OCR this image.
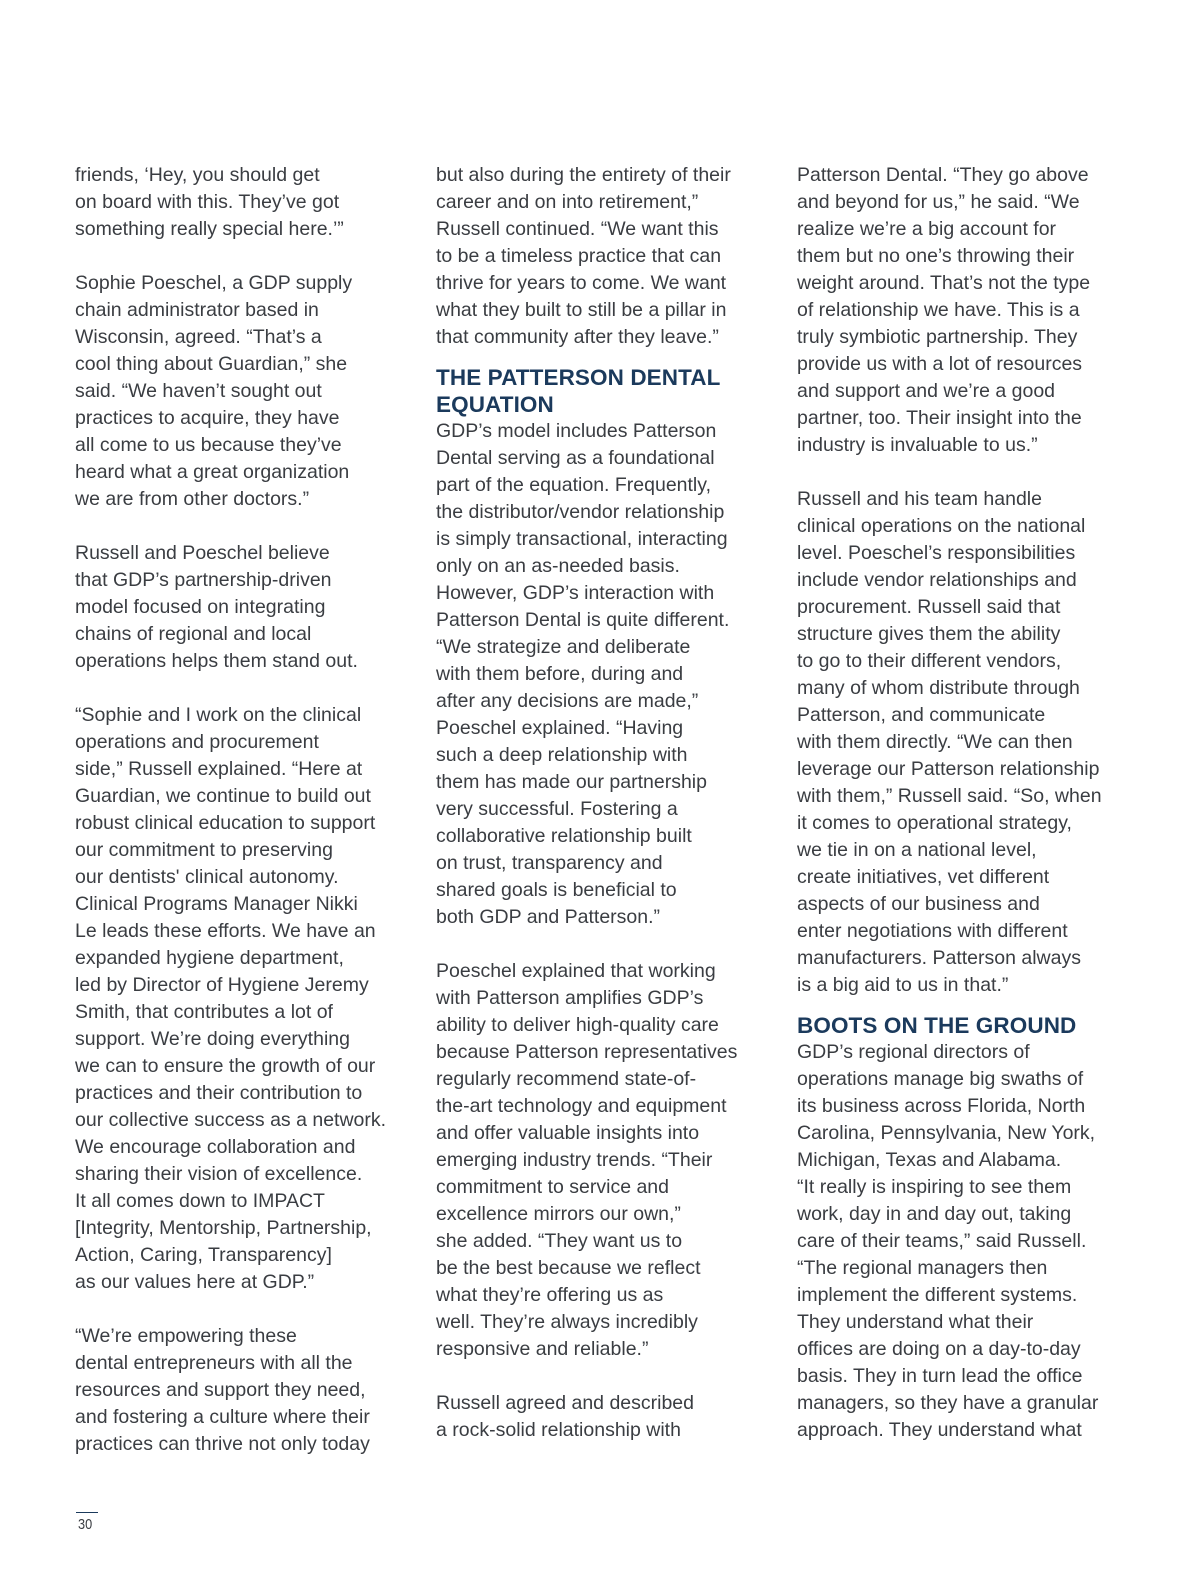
friends, ‘Hey, you should get
on board with this. They’ve got
something really special here.’”
Sophie Poeschel, a GDP supply
chain administrator based in
Wisconsin, agreed. “That’s a
cool thing about Guardian,” she
said. “We haven’t sought out
practices to acquire, they have
all come to us because they’ve
heard what a great organization
we are from other doctors.”
Russell and Poeschel believe
that GDP’s partnership-driven
model focused on integrating
chains of regional and local
operations helps them stand out.
“Sophie and I work on the clinical
operations and procurement
side,” Russell explained. “Here at
Guardian, we continue to build out
robust clinical education to support
our commitment to preserving
our dentists' clinical autonomy.
Clinical Programs Manager Nikki
Le leads these efforts. We have an
expanded hygiene department,
led by Director of Hygiene Jeremy
Smith, that contributes a lot of
support. We’re doing everything
we can to ensure the growth of our
practices and their contribution to
our collective success as a network.
We encourage collaboration and
sharing their vision of excellence.
It all comes down to IMPACT
[Integrity, Mentorship, Partnership,
Action, Caring, Transparency]
as our values here at GDP.”
“We’re empowering these
dental entrepreneurs with all the
resources and support they need,
and fostering a culture where their
practices can thrive not only today
but also during the entirety of their
career and on into retirement,”
Russell continued. “We want this
to be a timeless practice that can
thrive for years to come. We want
what they built to still be a pillar in
that community after they leave.”
THE PATTERSON DENTAL
EQUATION
GDP’s model includes Patterson
Dental serving as a foundational
part of the equation. Frequently,
the distributor/vendor relationship
is simply transactional, interacting
only on an as-needed basis.
However, GDP’s interaction with
Patterson Dental is quite different.
“We strategize and deliberate
with them before, during and
after any decisions are made,”
Poeschel explained. “Having
such a deep relationship with
them has made our partnership
very successful. Fostering a
collaborative relationship built
on trust, transparency and
shared goals is beneficial to
both GDP and Patterson.”
Poeschel explained that working
with Patterson amplifies GDP’s
ability to deliver high-quality care
because Patterson representatives
regularly recommend state-of-
the-art technology and equipment
and offer valuable insights into
emerging industry trends. “Their
commitment to service and
excellence mirrors our own,”
she added. “They want us to
be the best because we reflect
what they’re offering us as
well. They’re always incredibly
responsive and reliable.”
Russell agreed and described
a rock-solid relationship with
Patterson Dental. “They go above
and beyond for us,” he said. “We
realize we’re a big account for
them but no one’s throwing their
weight around. That’s not the type
of relationship we have. This is a
truly symbiotic partnership. They
provide us with a lot of resources
and support and we’re a good
partner, too. Their insight into the
industry is invaluable to us.”
Russell and his team handle
clinical operations on the national
level. Poeschel’s responsibilities
include vendor relationships and
procurement. Russell said that
structure gives them the ability
to go to their different vendors,
many of whom distribute through
Patterson, and communicate
with them directly. “We can then
leverage our Patterson relationship
with them,” Russell said. “So, when
it comes to operational strategy,
we tie in on a national level,
create initiatives, vet different
aspects of our business and
enter negotiations with different
manufacturers. Patterson always
is a big aid to us in that.”
BOOTS ON THE GROUND
GDP’s regional directors of
operations manage big swaths of
its business across Florida, North
Carolina, Pennsylvania, New York,
Michigan, Texas and Alabama.
“It really is inspiring to see them
work, day in and day out, taking
care of their teams,” said Russell.
“The regional managers then
implement the different systems.
They understand what their
offices are doing on a day-to-day
basis. They in turn lead the office
managers, so they have a granular
approach. They understand what
30
